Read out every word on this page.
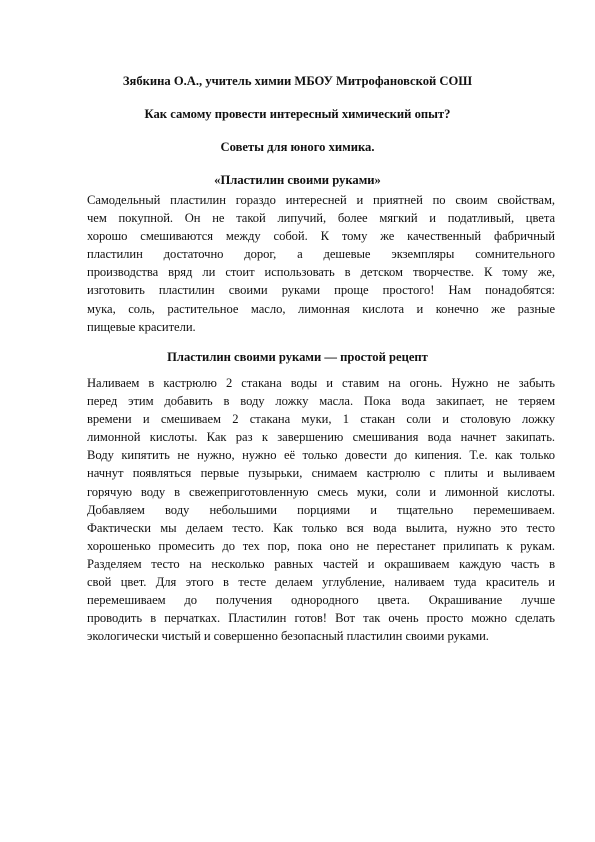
Зябкина О.А., учитель химии МБОУ Митрофановской СОШ
Как самому провести интересный химический опыт?
Советы для юного химика.
«Пластилин своими руками»
Самодельный пластилин гораздо интересней и приятней по своим свойствам,
чем покупной. Он не такой липучий, более мягкий и податливый, цвета
хорошо смешиваются между собой. К тому же качественный фабричный
пластилин достаточно дорог, а дешевые экземпляры сомнительного
производства вряд ли стоит использовать в детском творчестве. К тому же,
изготовить пластилин своими руками проще простого! Нам понадобятся:
мука, соль, растительное масло, лимонная кислота и конечно же разные
пищевые красители.
Пластилин своими руками — простой рецепт
Наливаем в кастрюлю 2 стакана воды и ставим на огонь. Нужно не забыть
перед этим добавить в воду ложку масла. Пока вода закипает, не теряем
времени и смешиваем 2 стакана муки, 1 стакан соли и столовую ложку
лимонной кислоты. Как раз к завершению смешивания вода начнет закипать.
Воду кипятить не нужно, нужно её только довести до кипения. Т.е. как только
начнут появляться первые пузырьки, снимаем кастрюлю с плиты и выливаем
горячую воду в свежеприготовленную смесь муки, соли и лимонной кислоты.
Добавляем воду небольшими порциями и тщательно перемешиваем.
Фактически мы делаем тесто. Как только вся вода вылита, нужно это тесто
хорошенько промесить до тех пор, пока оно не перестанет прилипать к рукам.
Разделяем тесто на несколько равных частей и окрашиваем каждую часть в
свой цвет. Для этого в тесте делаем углубление, наливаем туда краситель и
перемешиваем до получения однородного цвета. Окрашивание лучше
проводить в перчатках. Пластилин готов! Вот так очень просто можно сделать
экологически чистый и совершенно безопасный пластилин своими руками.
